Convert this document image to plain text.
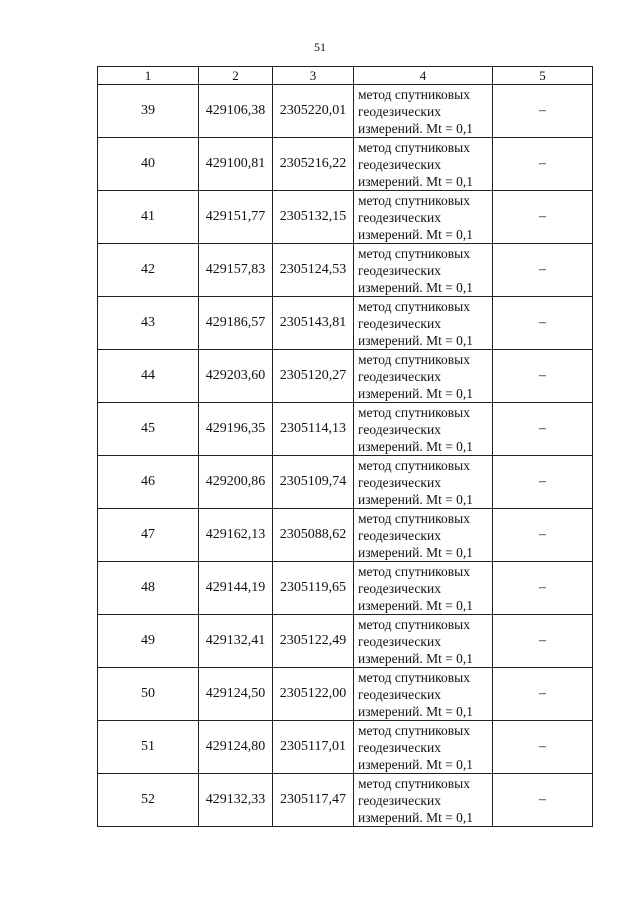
51
1	2	3	4	5
39	429106,38	2305220,01	метод спутниковых
геодезических
измерений. Mt = 0,1	–
40	429100,81	2305216,22	метод спутниковых
геодезических
измерений. Mt = 0,1	–
41	429151,77	2305132,15	метод спутниковых
геодезических
измерений. Mt = 0,1	–
42	429157,83	2305124,53	метод спутниковых
геодезических
измерений. Mt = 0,1	–
43	429186,57	2305143,81	метод спутниковых
геодезических
измерений. Mt = 0,1	–
44	429203,60	2305120,27	метод спутниковых
геодезических
измерений. Mt = 0,1	–
45	429196,35	2305114,13	метод спутниковых
геодезических
измерений. Mt = 0,1	–
46	429200,86	2305109,74	метод спутниковых
геодезических
измерений. Mt = 0,1	–
47	429162,13	2305088,62	метод спутниковых
геодезических
измерений. Mt = 0,1	–
48	429144,19	2305119,65	метод спутниковых
геодезических
измерений. Mt = 0,1	–
49	429132,41	2305122,49	метод спутниковых
геодезических
измерений. Mt = 0,1	–
50	429124,50	2305122,00	метод спутниковых
геодезических
измерений. Mt = 0,1	–
51	429124,80	2305117,01	метод спутниковых
геодезических
измерений. Mt = 0,1	–
52	429132,33	2305117,47	метод спутниковых
геодезических
измерений. Mt = 0,1	–
